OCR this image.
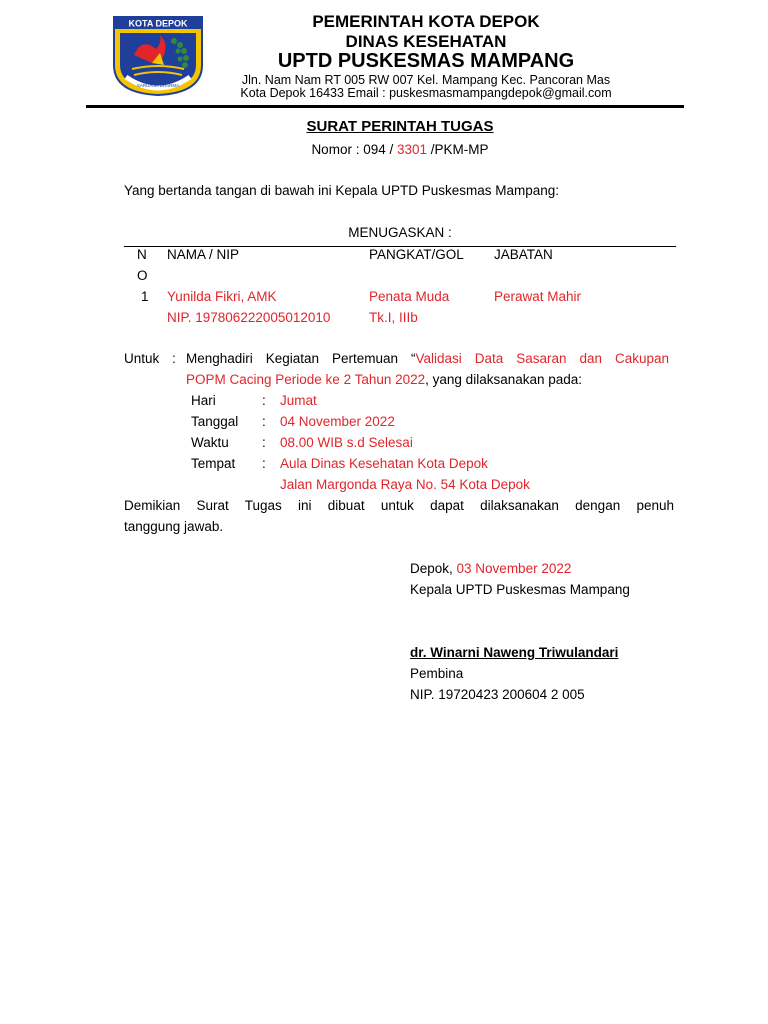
KOTA DEPOK
SARUANA DHARMA
PEMERINTAH KOTA DEPOK
DINAS KESEHATAN
UPTD PUSKESMAS MAMPANG
Jln. Nam Nam RT 005 RW 007 Kel. Mampang Kec. Pancoran Mas
Kota Depok 16433 Email : puskesmasmampangdepok@gmail.com
SURAT PERINTAH TUGAS
Nomor : 094 / 3301 /PKM-MP
Yang bertanda tangan di bawah ini Kepala UPTD Puskesmas Mampang:
MENUGASKAN :
N
O
NAMA / NIP	PANGKAT/GOL JABATAN
1 Yunilda Fikri, AMK
NIP. 197806222005012010
Penata Muda
Tk.I, IIIb
Perawat Mahir
Untuk : Menghadiri Kegiatan Pertemuan “Validasi Data Sasaran dan Cakupan
POPM Cacing Periode ke 2 Tahun 2022, yang dilaksanakan pada:
Hari	: Jumat
Tanggal : 04 November 2022
Waktu : 08.00 WIB s.d Selesai
Tempat : Aula Dinas Kesehatan Kota Depok
Jalan Margonda Raya No. 54 Kota Depok
Demikian Surat Tugas ini dibuat untuk dapat dilaksanakan dengan penuh
tanggung jawab.
Depok, 03 November 2022
Kepala UPTD Puskesmas Mampang
dr. Winarni Naweng Triwulandari
Pembina
NIP. 19720423 200604 2 005
